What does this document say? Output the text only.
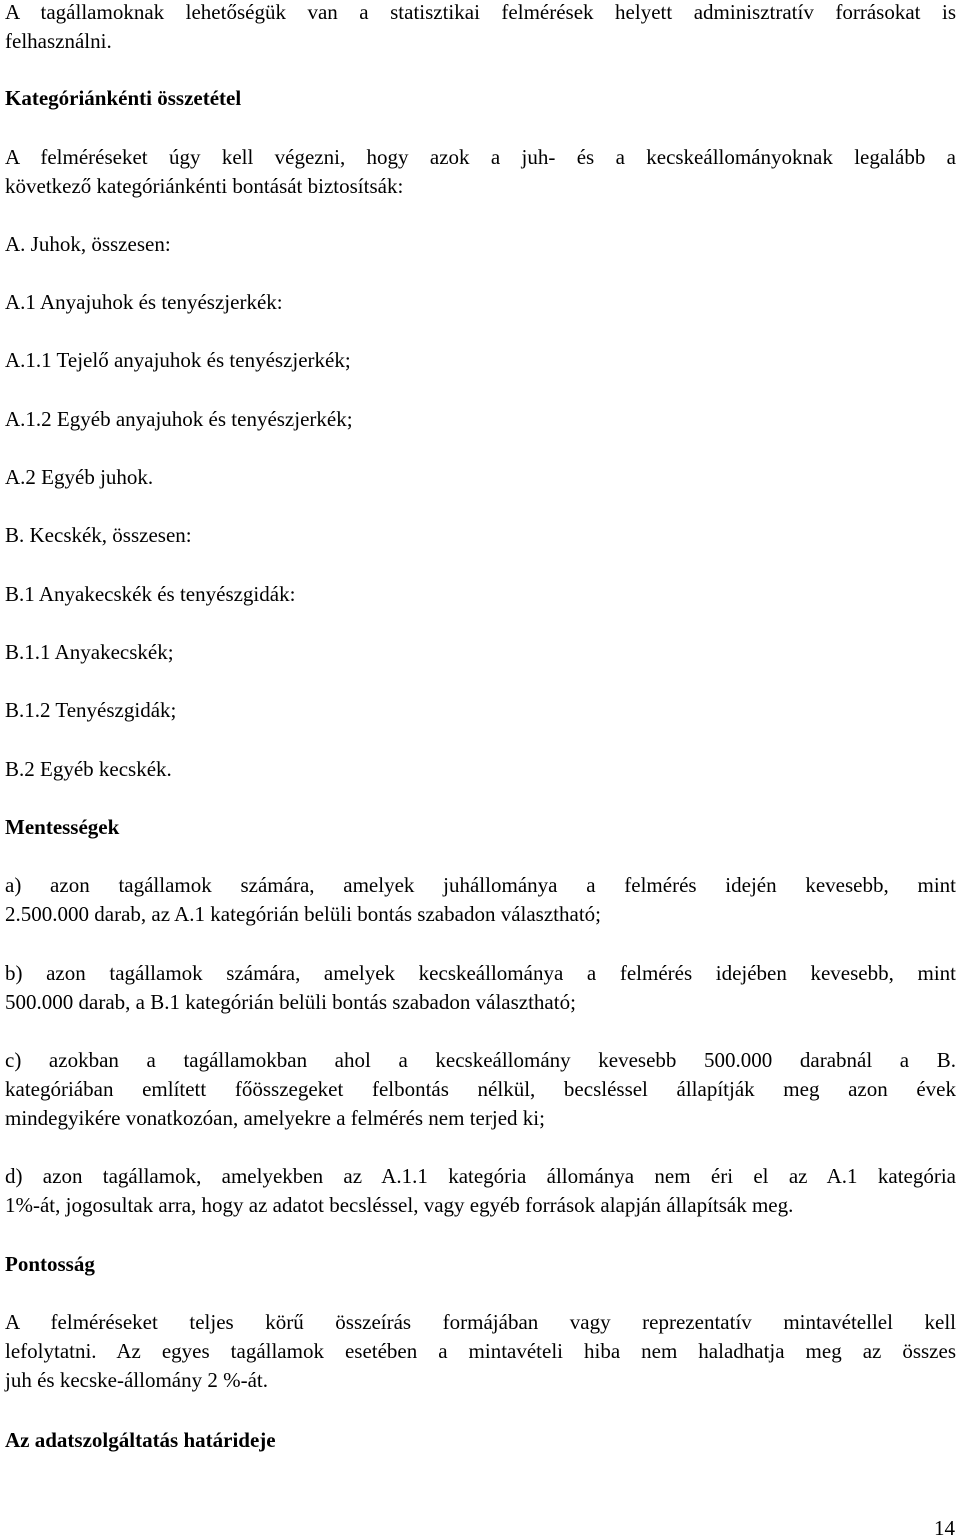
A tagállamoknak lehetőségük van a statisztikai felmérések helyett adminisztratív forrásokat is
felhasználni.
Kategóriánkénti összetétel
A felméréseket úgy kell végezni, hogy azok a juh- és a kecskeállományoknak legalább a
következő kategóriánkénti bontását biztosítsák:
A. Juhok, összesen:
A.1 Anyajuhok és tenyészjerkék:
A.1.1 Tejelő anyajuhok és tenyészjerkék;
A.1.2 Egyéb anyajuhok és tenyészjerkék;
A.2 Egyéb juhok.
B. Kecskék, összesen:
B.1 Anyakecskék és tenyészgidák:
B.1.1 Anyakecskék;
B.1.2 Tenyészgidák;
B.2 Egyéb kecskék.
Mentességek
a) azon tagállamok számára, amelyek juhállománya a felmérés idején kevesebb, mint
2.500.000 darab, az A.1 kategórián belüli bontás szabadon választható;
b) azon tagállamok számára, amelyek kecskeállománya a felmérés idejében kevesebb, mint
500.000 darab, a B.1 kategórián belüli bontás szabadon választható;
c) azokban a tagállamokban ahol a kecskeállomány kevesebb 500.000 darabnál a B.
kategóriában említett főösszegeket felbontás nélkül, becsléssel állapítják meg azon évek
mindegyikére vonatkozóan, amelyekre a felmérés nem terjed ki;
d) azon tagállamok, amelyekben az A.1.1 kategória állománya nem éri el az A.1 kategória
1%-át, jogosultak arra, hogy az adatot becsléssel, vagy egyéb források alapján állapítsák meg.
Pontosság
A felméréseket teljes körű összeírás formájában vagy reprezentatív mintavétellel kell
lefolytatni. Az egyes tagállamok esetében a mintavételi hiba nem haladhatja meg az összes
juh és kecske-állomány 2 %-át.
Az adatszolgáltatás határideje
14
